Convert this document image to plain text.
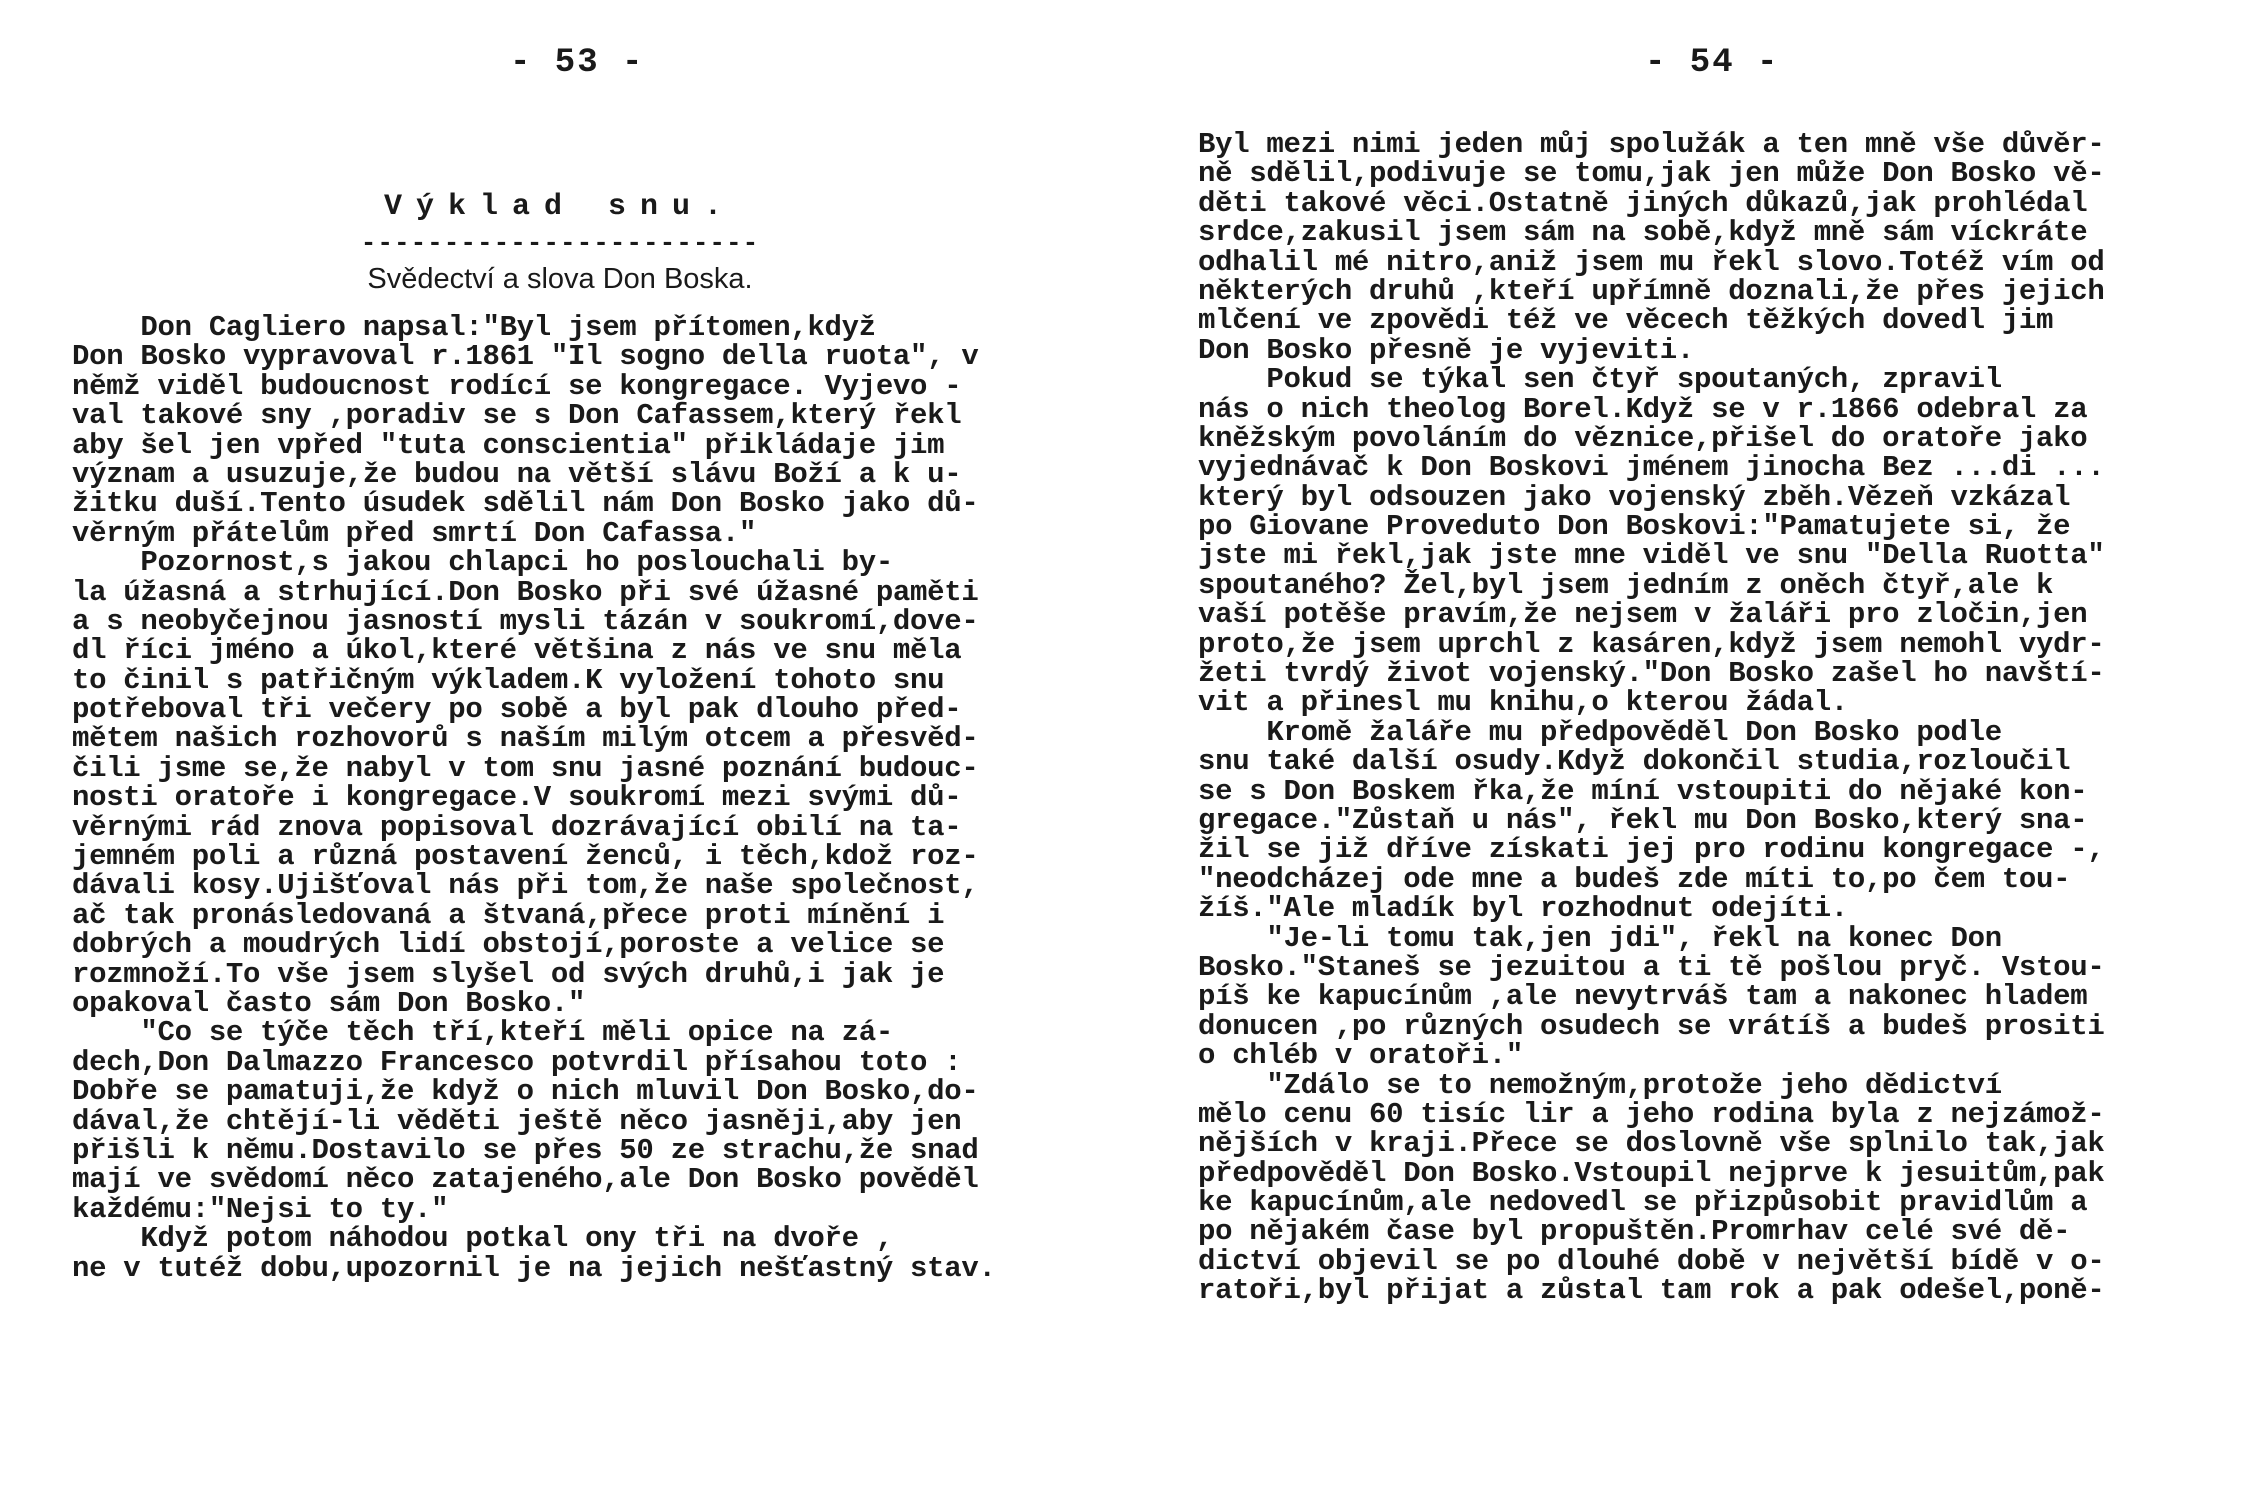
- 53 -

Výklad snu.

------------------------

Svědectví a slova Don Boska.

Don Cagliero napsal:"Byl jsem přítomen,když
Don Bosko vypravoval r.1861 "Il sogno della ruota", v
němž viděl budoucnost rodící se kongregace. Vyjevo -
val takové sny ,poradiv se s Don Cafassem,který řekl
aby šel jen vpřed "tuta conscientia" přikládaje jim
význam a usuzuje,že budou na větší slávu Boží a k u-
žitku duší.Tento úsudek sdělil nám Don Bosko jako dů-
věrným přátelům před smrtí Don Cafassa."
Pozornost,s jakou chlapci ho poslouchali by-
la úžasná a strhující.Don Bosko při své úžasné paměti
a s neobyčejnou jasností mysli tázán v soukromí,dove-
dl říci jméno a úkol,které většina z nás ve snu měla
to činil s patřičným výkladem.K vyložení tohoto snu
potřeboval tři večery po sobě a byl pak dlouho před-
mětem našich rozhovorů s naším milým otcem a přesvěd-
čili jsme se,že nabyl v tom snu jasné poznání budouc-
nosti oratoře i kongregace.V soukromí mezi svými dů-
věrnými rád znova popisoval dozrávající obilí na ta-
jemném poli a různá postavení ženců, i těch,kdož roz-
dávali kosy.Ujišťoval nás při tom,že naše společnost,
ač tak pronásledovaná a štvaná,přece proti mínění i
dobrých a moudrých lidí obstojí,poroste a velice se
rozmnoží.To vše jsem slyšel od svých druhů,i jak je
opakoval často sám Don Bosko."
"Co se týče těch tří,kteří měli opice na zá-
dech,Don Dalmazzo Francesco potvrdil přísahou toto :
Dobře se pamatuji,že když o nich mluvil Don Bosko,do-
dával,že chtějí-li věděti ještě něco jasněji,aby jen
přišli k němu.Dostavilo se přes 50 ze strachu,že snad
mají ve svědomí něco zatajeného,ale Don Bosko pověděl
každému:"Nejsi to ty."
Když potom náhodou potkal ony tři na dvoře ,
ne v tutéž dobu,upozornil je na jejich nešťastný stav.
- 54 -
Byl mezi nimi jeden můj spolužák a ten mně vše důvěr-
ně sdělil,podivuje se tomu,jak jen může Don Bosko vě-
děti takové věci.Ostatně jiných důkazů,jak prohlédal
srdce,zakusil jsem sám na sobě,když mně sám víckráte
odhalil mé nitro,aniž jsem mu řekl slovo.Totéž vím od
některých druhů ,kteří upřímně doznali,že přes jejich
mlčení ve zpovědi též ve věcech těžkých dovedl jim
Don Bosko přesně je vyjeviti.
Pokud se týkal sen čtyř spoutaných, zpravil
nás o nich theolog Borel.Když se v r.1866 odebral za
kněžským povoláním do věznice,přišel do oratoře jako
vyjednávač k Don Boskovi jménem jinocha Bez ...di ...
který byl odsouzen jako vojenský zběh.Vězeň vzkázal
po Giovane Proveduto Don Boskovi:"Pamatujete si, že
jste mi řekl,jak jste mne viděl ve snu "Della Ruotta"
spoutaného? Žel,byl jsem jedním z oněch čtyř,ale k
vaší potěše pravím,že nejsem v žaláři pro zločin,jen
proto,že jsem uprchl z kasáren,když jsem nemohl vydr-
žeti tvrdý život vojenský."Don Bosko zašel ho navští-
vit a přinesl mu knihu,o kterou žádal.
Kromě žaláře mu předpověděl Don Bosko podle
snu také další osudy.Když dokončil studia,rozloučil
se s Don Boskem řka,že míní vstoupiti do nějaké kon-
gregace."Zůstaň u nás", řekl mu Don Bosko,který sna-
žil se již dříve získati jej pro rodinu kongregace -,
"neodcházej ode mne a budeš zde míti to,po čem tou-
žíš."Ale mladík byl rozhodnut odejíti.
"Je-li tomu tak,jen jdi", řekl na konec Don
Bosko."Staneš se jezuitou a ti tě pošlou pryč. Vstou-
píš ke kapucínům ,ale nevytrváš tam a nakonec hladem
donucen ,po různých osudech se vrátíš a budeš prositi
o chléb v oratoři."
"Zdálo se to nemožným,protože jeho dědictví
mělo cenu 60 tisíc lir a jeho rodina byla z nejzámož-
nějších v kraji.Přece se doslovně vše splnilo tak,jak
předpověděl Don Bosko.Vstoupil nejprve k jesuitům,pak
ke kapucínům,ale nedovedl se přizpůsobit pravidlům a
po nějakém čase byl propuštěn.Promrhav celé své dě-
dictví objevil se po dlouhé době v největší bídě v o-
ratoři,byl přijat a zůstal tam rok a pak odešel,poně-
